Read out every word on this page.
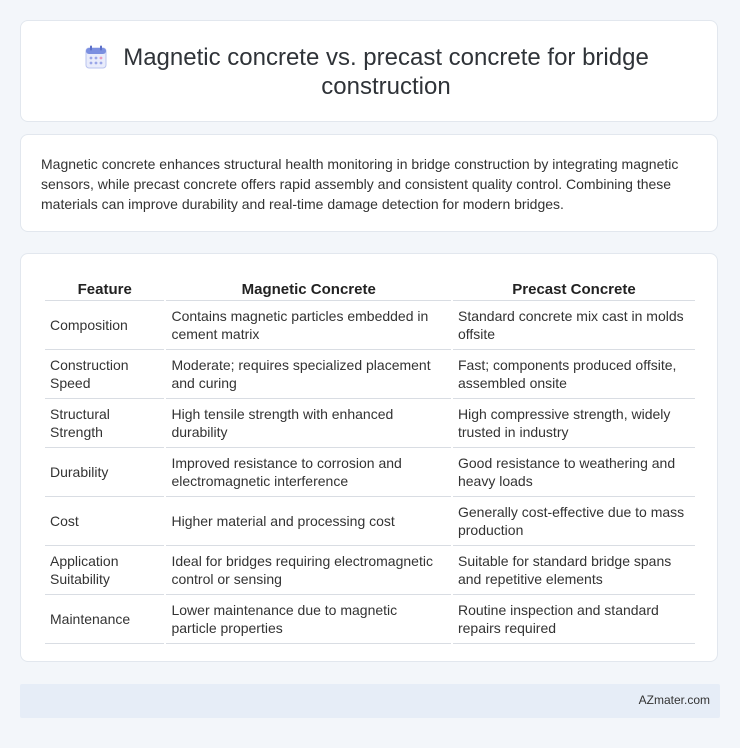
Magnetic concrete vs. precast concrete for bridge construction
Magnetic concrete enhances structural health monitoring in bridge construction by integrating magnetic sensors, while precast concrete offers rapid assembly and consistent quality control. Combining these materials can improve durability and real-time damage detection for modern bridges.
Feature	Magnetic Concrete	Precast Concrete
Composition	Contains magnetic particles embedded in cement matrix	Standard concrete mix cast in molds offsite
Construction Speed	Moderate; requires specialized placement and curing	Fast; components produced offsite, assembled onsite
Structural Strength	High tensile strength with enhanced durability	High compressive strength, widely trusted in industry
Durability	Improved resistance to corrosion and electromagnetic interference	Good resistance to weathering and heavy loads
Cost	Higher material and processing cost	Generally cost-effective due to mass production
Application Suitability	Ideal for bridges requiring electromagnetic control or sensing	Suitable for standard bridge spans and repetitive elements
Maintenance	Lower maintenance due to magnetic particle properties	Routine inspection and standard repairs required
AZmater.com
